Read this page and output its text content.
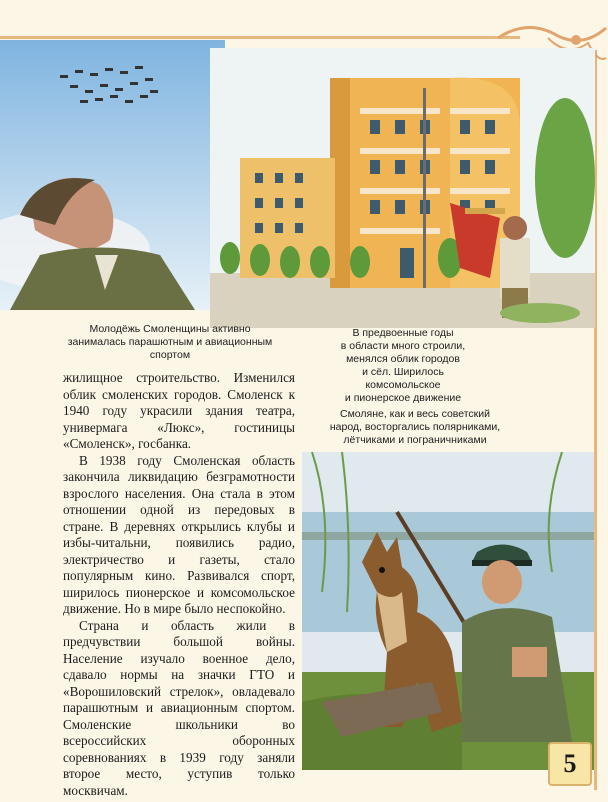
Молодёжь Смоленщины активно
занималась парашютным и авиационным
спортом
В предвоенные годы
в области много строили,
менялся облик городов
и сёл. Ширилось
комсомольское
и пионерское движение
Смоляне, как и весь советский
народ, восторгались полярниками,
лётчиками и пограничниками

жилищное строительство. Изменился облик смоленских городов. Смоленск к 1940 году украсили здания театра, универмага «Люкс», гостиницы «Смоленск», госбанка.

В 1938 году Смоленская область закончила ликвидацию безграмотности взрослого населения. Она стала в этом отношении одной из передовых в стране. В деревнях открылись клубы и избы-читальни, появились радио, электричество и газеты, стало популярным кино. Развивался спорт, ширилось пионерское и комсомольское движение. Но в мире было неспокойно.

Страна и область жили в предчувствии большой войны. Население изучало военное дело, сдавало нормы на значки ГТО и «Ворошиловский стрелок», овладевало парашютным и авиационным спортом. Смоленские школьники во всероссийских оборонных соревнованиях в 1939 году заняли второе место, уступив только москвичам.

5
